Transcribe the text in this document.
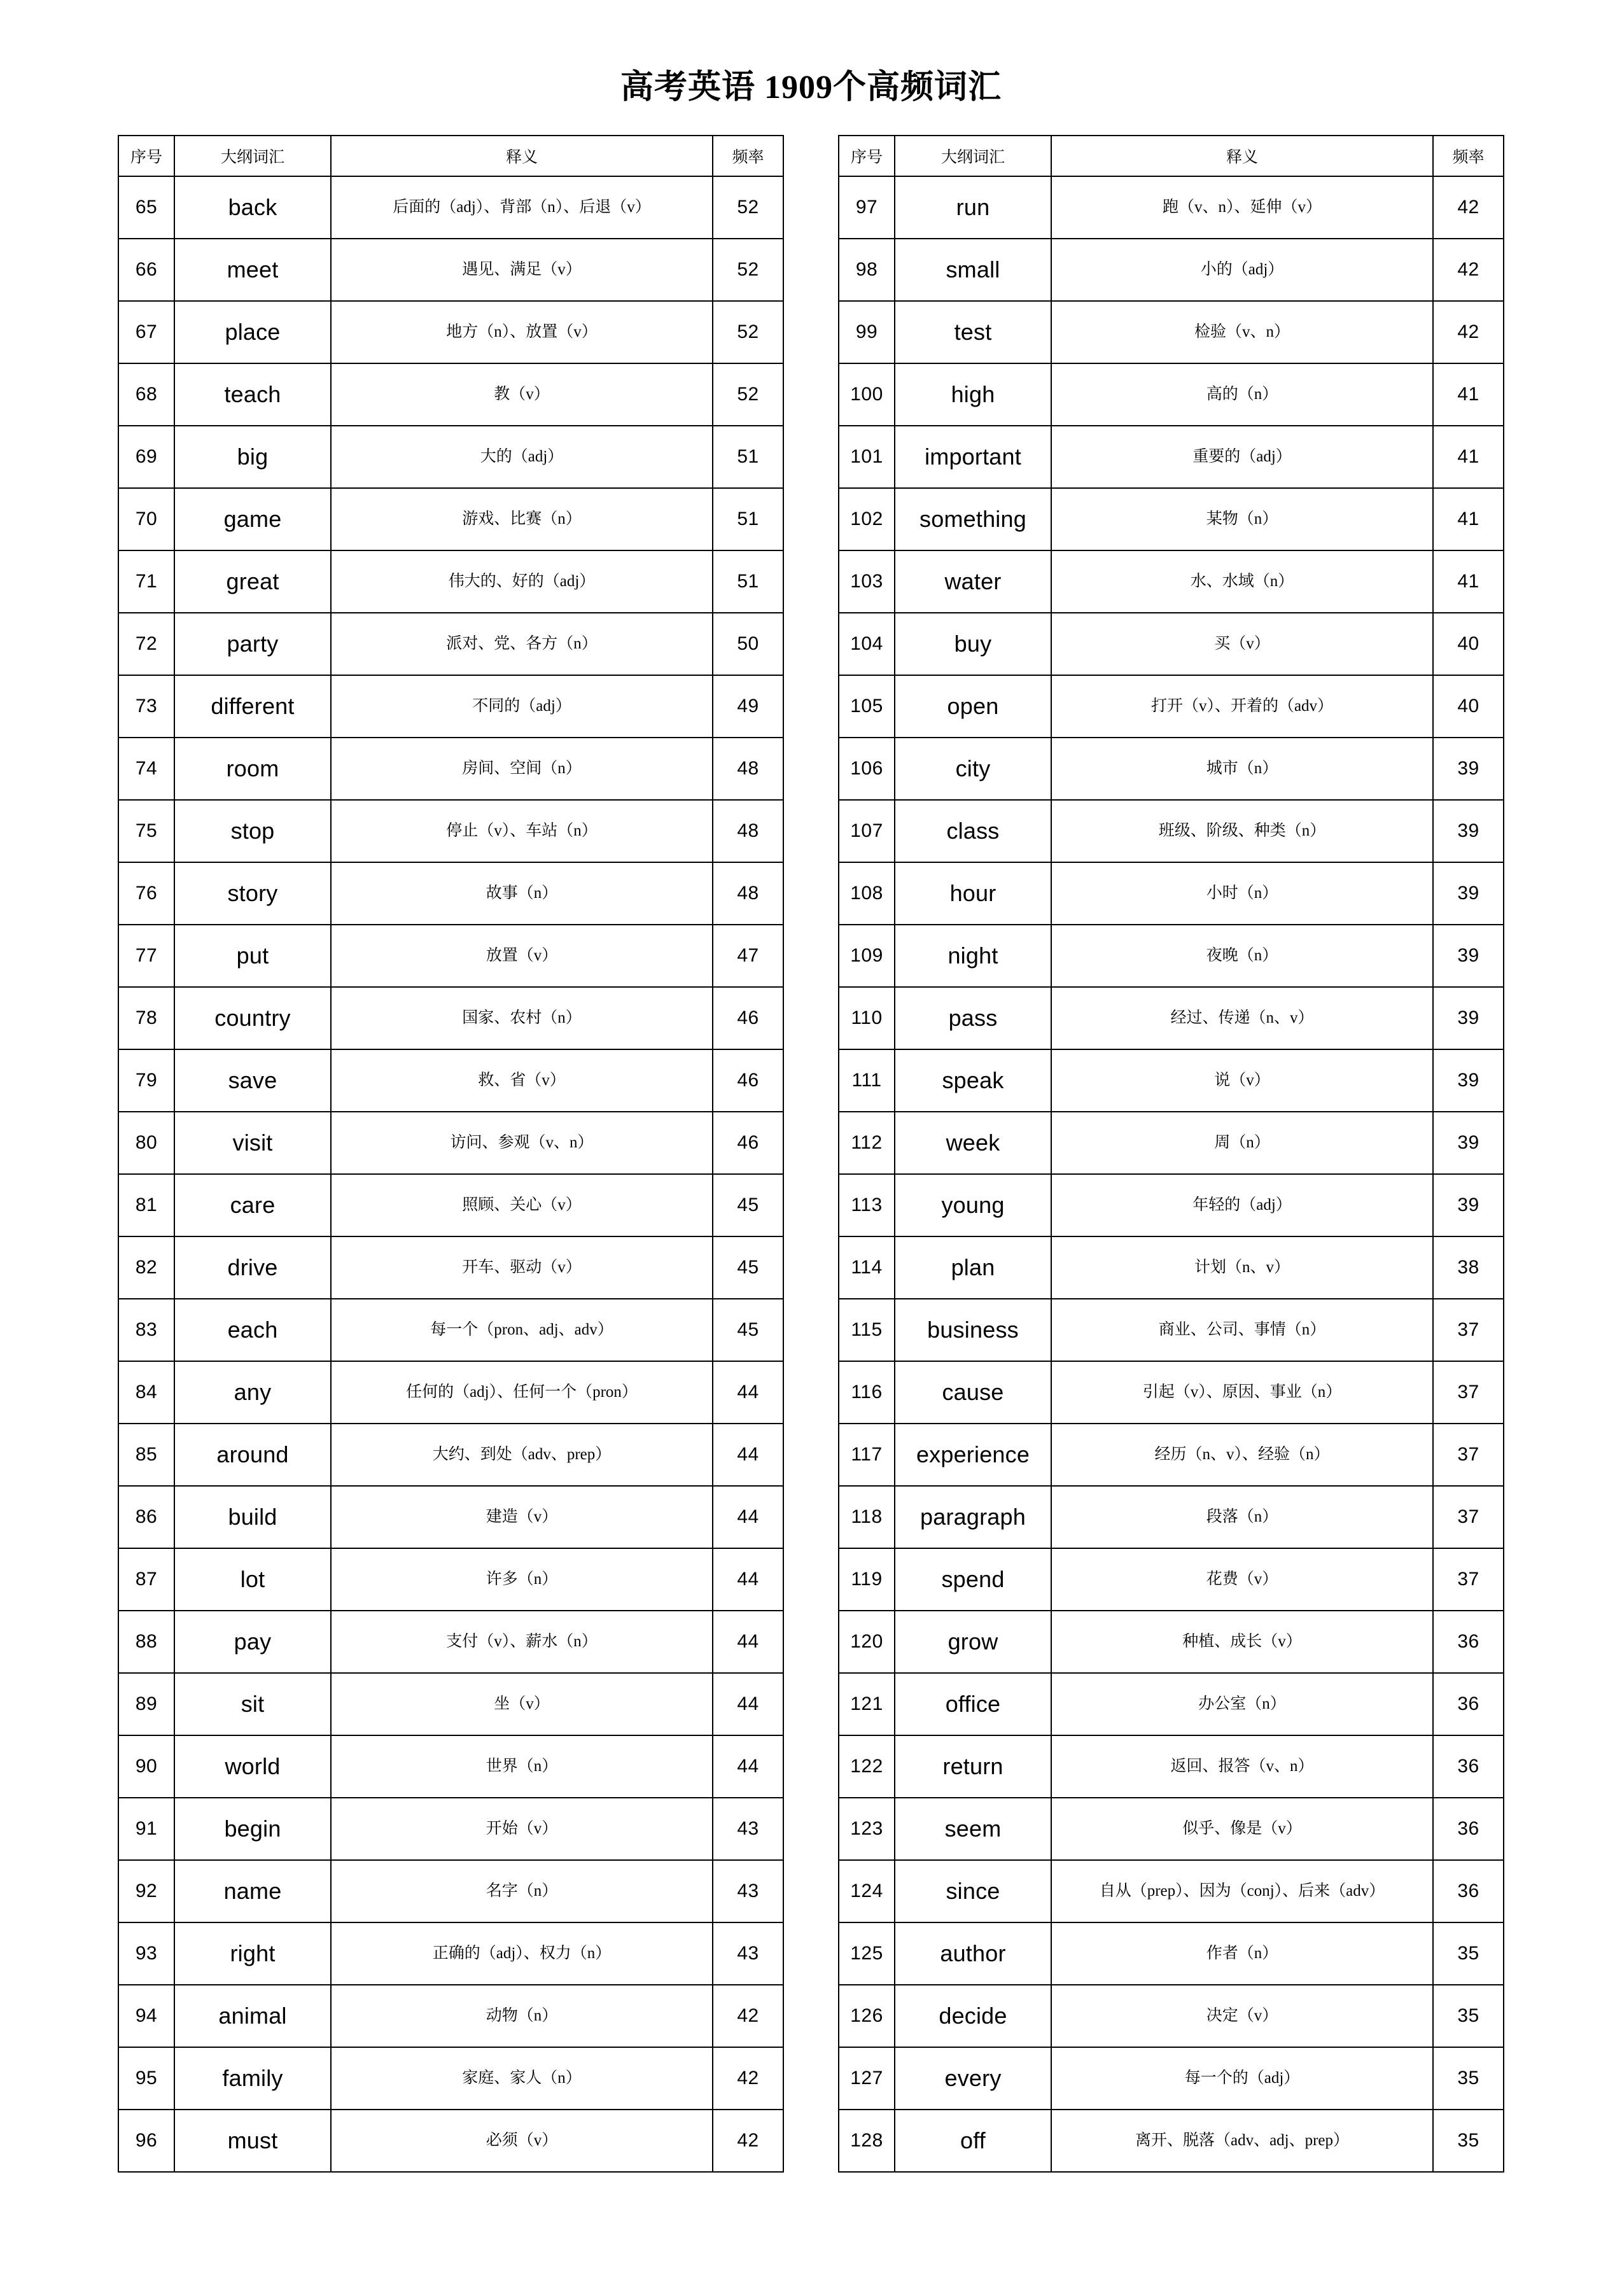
高考英语 1909个高频词汇
序号	大纲词汇	释义	频率
65	back	后面的（adj）、背部（n）、后退（v）	52
66	meet	遇见、满足（v）	52
67	place	地方（n）、放置（v）	52
68	teach	教（v）	52
69	big	大的（adj）	51
70	game	游戏、比赛（n）	51
71	great	伟大的、好的（adj）	51
72	party	派对、党、各方（n）	50
73	different	不同的（adj）	49
74	room	房间、空间（n）	48
75	stop	停止（v）、车站（n）	48
76	story	故事（n）	48
77	put	放置（v）	47
78	country	国家、农村（n）	46
79	save	救、省（v）	46
80	visit	访问、参观（v、n）	46
81	care	照顾、关心（v）	45
82	drive	开车、驱动（v）	45
83	each	每一个（pron、adj、adv）	45
84	any	任何的（adj）、任何一个（pron）	44
85	around	大约、到处（adv、prep）	44
86	build	建造（v）	44
87	lot	许多（n）	44
88	pay	支付（v）、薪水（n）	44
89	sit	坐（v）	44
90	world	世界（n）	44
91	begin	开始（v）	43
92	name	名字（n）	43
93	right	正确的（adj）、权力（n）	43
94	animal	动物（n）	42
95	family	家庭、家人（n）	42
96	must	必须（v）	42
序号	大纲词汇	释义	频率
97	run	跑（v、n）、延伸（v）	42
98	small	小的（adj）	42
99	test	检验（v、n）	42
100	high	高的（n）	41
101	important	重要的（adj）	41
102	something	某物（n）	41
103	water	水、水域（n）	41
104	buy	买（v）	40
105	open	打开（v）、开着的（adv）	40
106	city	城市（n）	39
107	class	班级、阶级、种类（n）	39
108	hour	小时（n）	39
109	night	夜晚（n）	39
110	pass	经过、传递（n、v）	39
111	speak	说（v）	39
112	week	周（n）	39
113	young	年轻的（adj）	39
114	plan	计划（n、v）	38
115	business	商业、公司、事情（n）	37
116	cause	引起（v）、原因、事业（n）	37
117	experience	经历（n、v）、经验（n）	37
118	paragraph	段落（n）	37
119	spend	花费（v）	37
120	grow	种植、成长（v）	36
121	office	办公室（n）	36
122	return	返回、报答（v、n）	36
123	seem	似乎、像是（v）	36
124	since	自从（prep）、因为（conj）、后来（adv）	36
125	author	作者（n）	35
126	decide	决定（v）	35
127	every	每一个的（adj）	35
128	off	离开、脱落（adv、adj、prep）	35
